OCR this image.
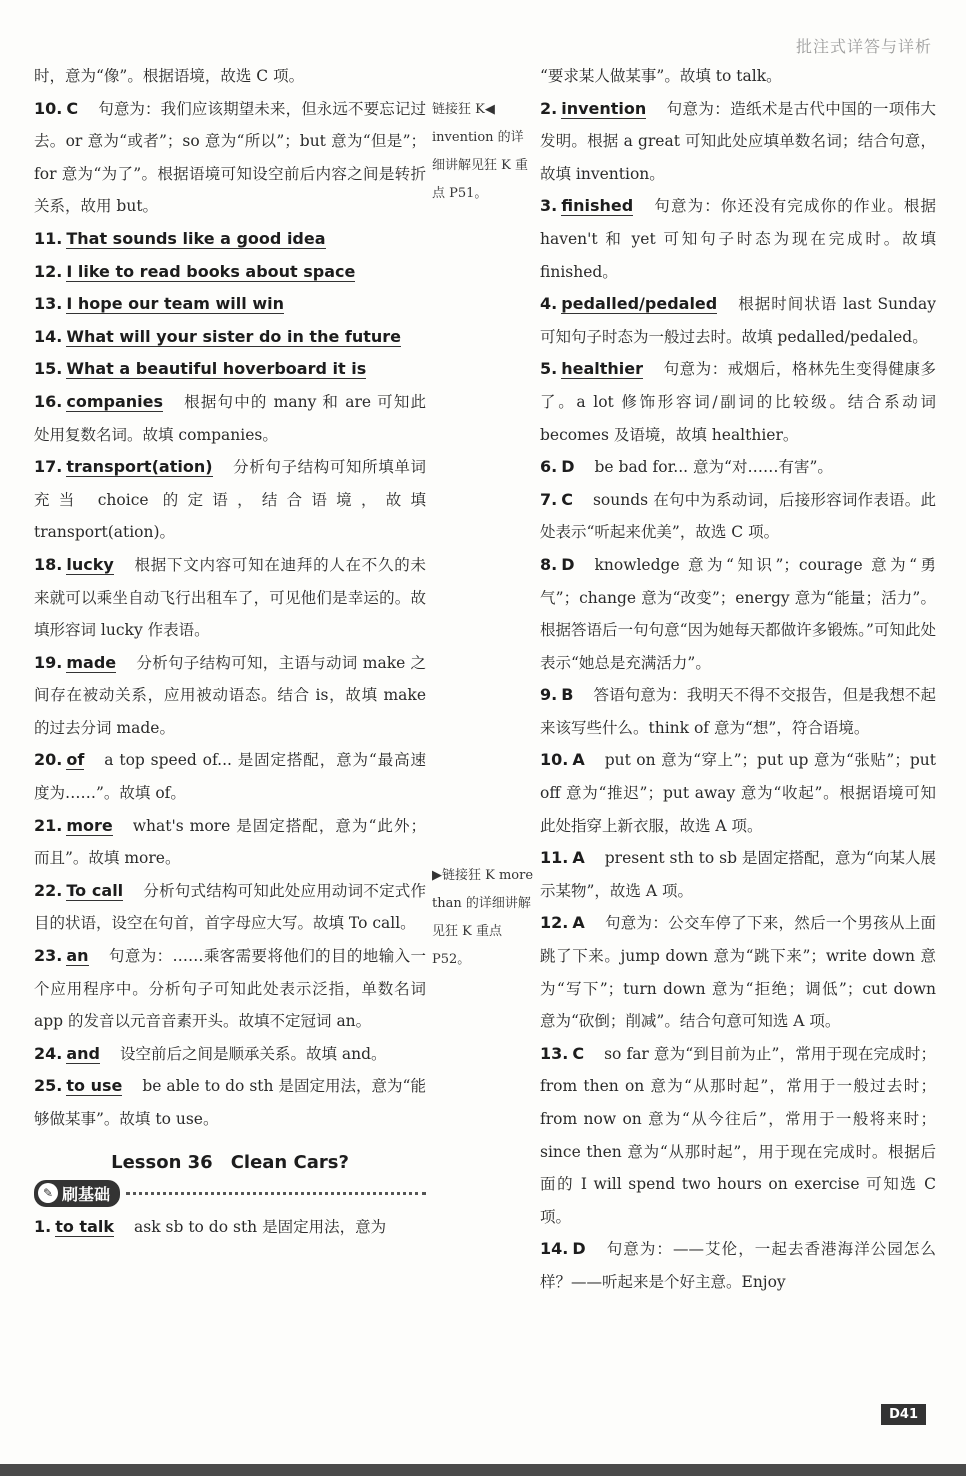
批注式详答与详析
时，意为“像”。根据语境，故选 C 项。
10. C 句意为：我们应该期望未来，但永远不要忘记过去。or 意为“或者”；so 意为“所以”；but 意为“但是”；for 意为“为了”。根据语境可知设空前后内容之间是转折关系，故用 but。
11. That sounds like a good idea
12. I like to read books about space
13. I hope our team will win
14. What will your sister do in the future
15. What a beautiful hoverboard it is
16. companies 根据句中的 many 和 are 可知此处用复数名词。故填 companies。
17. transport(ation) 分析句子结构可知所填单词充当 choice 的定语，结合语境，故填 transport(ation)。
18. lucky 根据下文内容可知在迪拜的人在不久的未来就可以乘坐自动飞行出租车了，可见他们是幸运的。故填形容词 lucky 作表语。
19. made 分析句子结构可知，主语与动词 make 之间存在被动关系，应用被动语态。结合 is，故填 make 的过去分词 made。
20. of a top speed of... 是固定搭配，意为“最高速度为……”。故填 of。
21. more what's more 是固定搭配，意为“此外；而且”。故填 more。
22. To call 分析句式结构可知此处应用动词不定式作目的状语，设空在句首，首字母应大写。故填 To call。
23. an 句意为：……乘客需要将他们的目的地输入一个应用程序中。分析句子可知此处表示泛指，单数名词 app 的发音以元音音素开头。故填不定冠词 an。
24. and 设空前后之间是顺承关系。故填 and。
25. to use be able to do sth 是固定用法，意为“能够做某事”。故填 to use。
Lesson 36　Clean Cars?
✎ 刷基础
1. to talk ask sb to do sth 是固定用法，意为
“要求某人做某事”。故填 to talk。
2. invention 句意为：造纸术是古代中国的一项伟大发明。根据 a great 可知此处应填单数名词；结合句意，故填 invention。
3. finished 句意为：你还没有完成你的作业。根据 haven't 和 yet 可知句子时态为现在完成时。故填 finished。
4. pedalled/pedaled 根据时间状语 last Sunday 可知句子时态为一般过去时。故填 pedalled/pedaled。
5. healthier 句意为：戒烟后，格林先生变得健康多了。a lot 修饰形容词/副词的比较级。结合系动词 becomes 及语境，故填 healthier。
6. D be bad for... 意为“对……有害”。
7. C sounds 在句中为系动词，后接形容词作表语。此处表示“听起来优美”，故选 C 项。
8. D knowledge 意为“知识”；courage 意为“勇气”；change 意为“改变”；energy 意为“能量；活力”。根据答语后一句句意“因为她每天都做许多锻炼。”可知此处表示“她总是充满活力”。
9. B 答语句意为：我明天不得不交报告，但是我想不起来该写些什么。think of 意为“想”，符合语境。
10. A put on 意为“穿上”；put up 意为“张贴”；put off 意为“推迟”；put away 意为“收起”。根据语境可知此处指穿上新衣服，故选 A 项。
11. A present sth to sb 是固定搭配，意为“向某人展示某物”，故选 A 项。
12. A 句意为：公交车停了下来，然后一个男孩从上面跳了下来。jump down 意为“跳下来”；write down 意为“写下”；turn down 意为“拒绝；调低”；cut down 意为“砍倒；削减”。结合句意可知选 A 项。
13. C so far 意为“到目前为止”，常用于现在完成时；from then on 意为“从那时起”，常用于一般过去时；from now on 意为“从今往后”，常用于一般将来时；since then 意为“从那时起”，用于现在完成时。根据后面的 I will spend two hours on exercise 可知选 C 项。
14. D 句意为：——艾伦，一起去香港海洋公园怎么样？——听起来是个好主意。Enjoy
链接狂 K◀ invention 的详细讲解见狂 K 重点 P51。
▶链接狂 K more than 的详细讲解见狂 K 重点 P52。
D41
